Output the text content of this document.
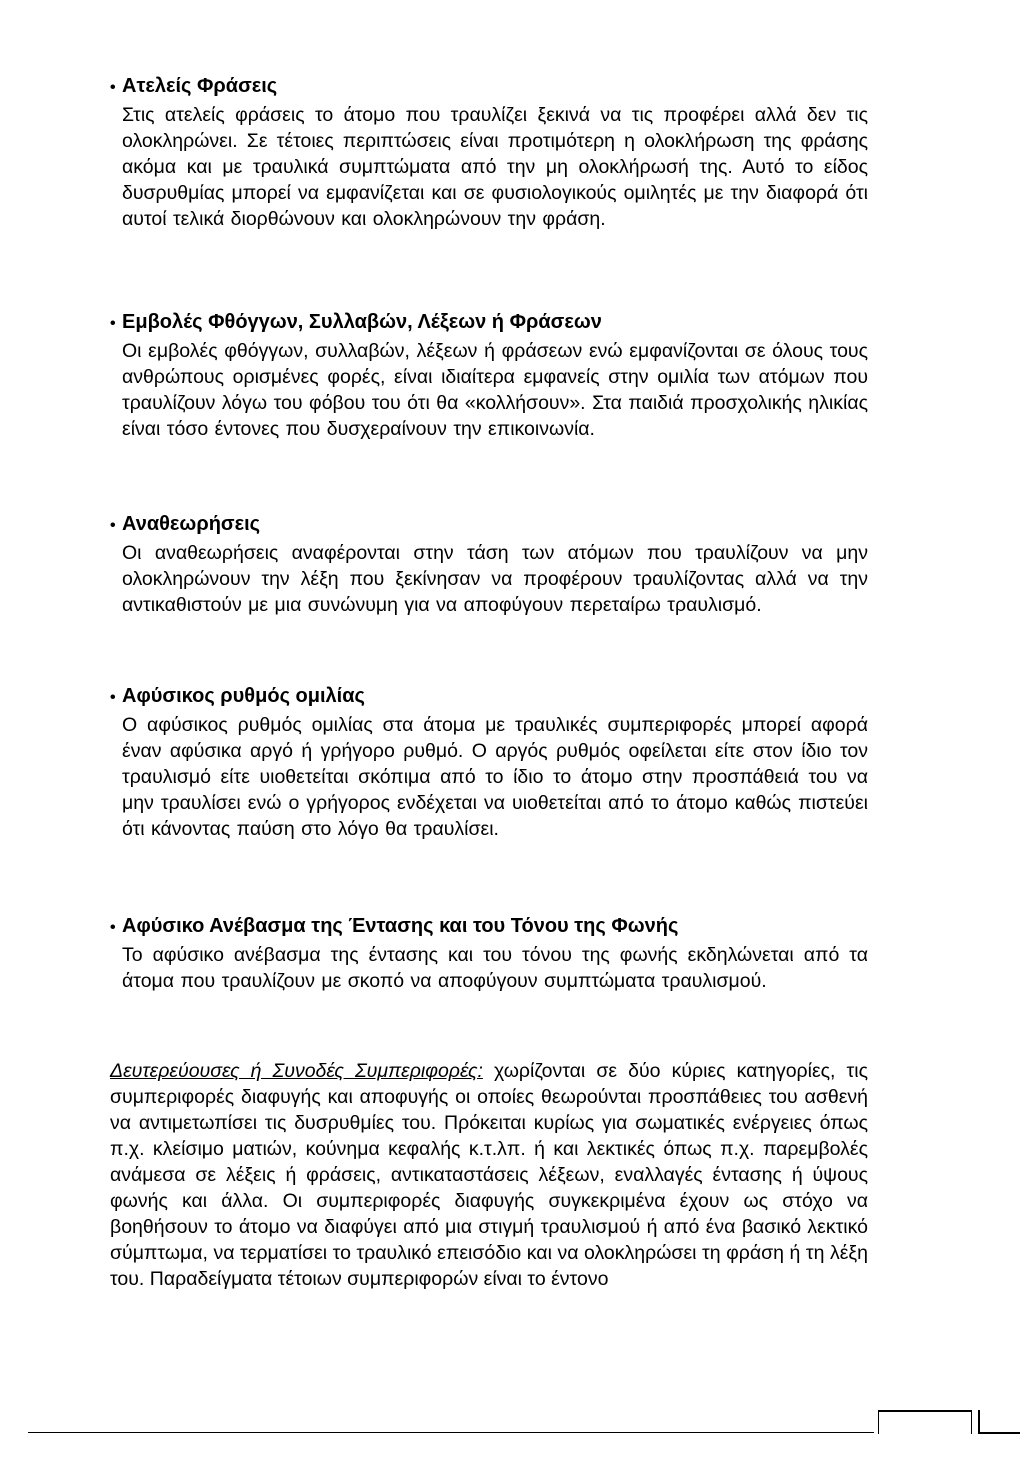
• Ατελείς Φράσεις
Στις ατελείς φράσεις το άτομο που τραυλίζει ξεκινά να τις προφέρει αλλά δεν τις ολοκληρώνει. Σε τέτοιες περιπτώσεις είναι προτιμότερη η ολοκλήρωση της φράσης ακόμα και με τραυλικά συμπτώματα από την μη ολοκλήρωσή της. Αυτό το είδος δυσρυθμίας μπορεί να εμφανίζεται και σε φυσιολογικούς ομιλητές με την διαφορά ότι αυτοί τελικά διορθώνουν και ολοκληρώνουν την φράση.
• Εμβολές Φθόγγων, Συλλαβών, Λέξεων ή Φράσεων
Οι εμβολές φθόγγων, συλλαβών, λέξεων ή φράσεων ενώ εμφανίζονται σε όλους τους ανθρώπους ορισμένες φορές, είναι ιδιαίτερα εμφανείς στην ομιλία των ατόμων που τραυλίζουν λόγω του φόβου του ότι θα «κολλήσουν». Στα παιδιά προσχολικής ηλικίας είναι τόσο έντονες που δυσχεραίνουν την επικοινωνία.
• Αναθεωρήσεις
Οι αναθεωρήσεις αναφέρονται στην τάση των ατόμων που τραυλίζουν να μην ολοκληρώνουν την λέξη που ξεκίνησαν να προφέρουν τραυλίζοντας αλλά να την αντικαθιστούν με μια συνώνυμη για να αποφύγουν περεταίρω τραυλισμό.
• Αφύσικος ρυθμός ομιλίας
Ο αφύσικος ρυθμός ομιλίας στα άτομα με τραυλικές συμπεριφορές μπορεί αφορά έναν αφύσικα αργό ή γρήγορο ρυθμό. Ο αργός ρυθμός οφείλεται είτε στον ίδιο τον τραυλισμό είτε υιοθετείται σκόπιμα από το ίδιο το άτομο στην προσπάθειά του να μην τραυλίσει ενώ ο γρήγορος ενδέχεται να υιοθετείται από το άτομο καθώς πιστεύει ότι κάνοντας παύση στο λόγο θα τραυλίσει.
• Αφύσικο Ανέβασμα της Έντασης και του Τόνου της Φωνής
Το αφύσικο ανέβασμα της έντασης και του τόνου της φωνής εκδηλώνεται από τα άτομα που τραυλίζουν με σκοπό να αποφύγουν συμπτώματα τραυλισμού.
Δευτερεύουσες ή Συνοδές Συμπεριφορές: χωρίζονται σε δύο κύριες κατηγορίες, τις συμπεριφορές διαφυγής και αποφυγής οι οποίες θεωρούνται προσπάθειες του ασθενή να αντιμετωπίσει τις δυσρυθμίες του. Πρόκειται κυρίως για σωματικές ενέργειες όπως π.χ. κλείσιμο ματιών, κούνημα κεφαλής κ.τ.λπ. ή και λεκτικές όπως π.χ. παρεμβολές ανάμεσα σε λέξεις ή φράσεις, αντικαταστάσεις λέξεων, εναλλαγές έντασης ή ύψους φωνής και άλλα. Οι συμπεριφορές διαφυγής συγκεκριμένα έχουν ως στόχο να βοηθήσουν το άτομο να διαφύγει από μια στιγμή τραυλισμού ή από ένα βασικό λεκτικό σύμπτωμα, να τερματίσει το τραυλικό επεισόδιο και να ολοκληρώσει τη φράση ή τη λέξη του. Παραδείγματα τέτοιων συμπεριφορών είναι το έντονο
